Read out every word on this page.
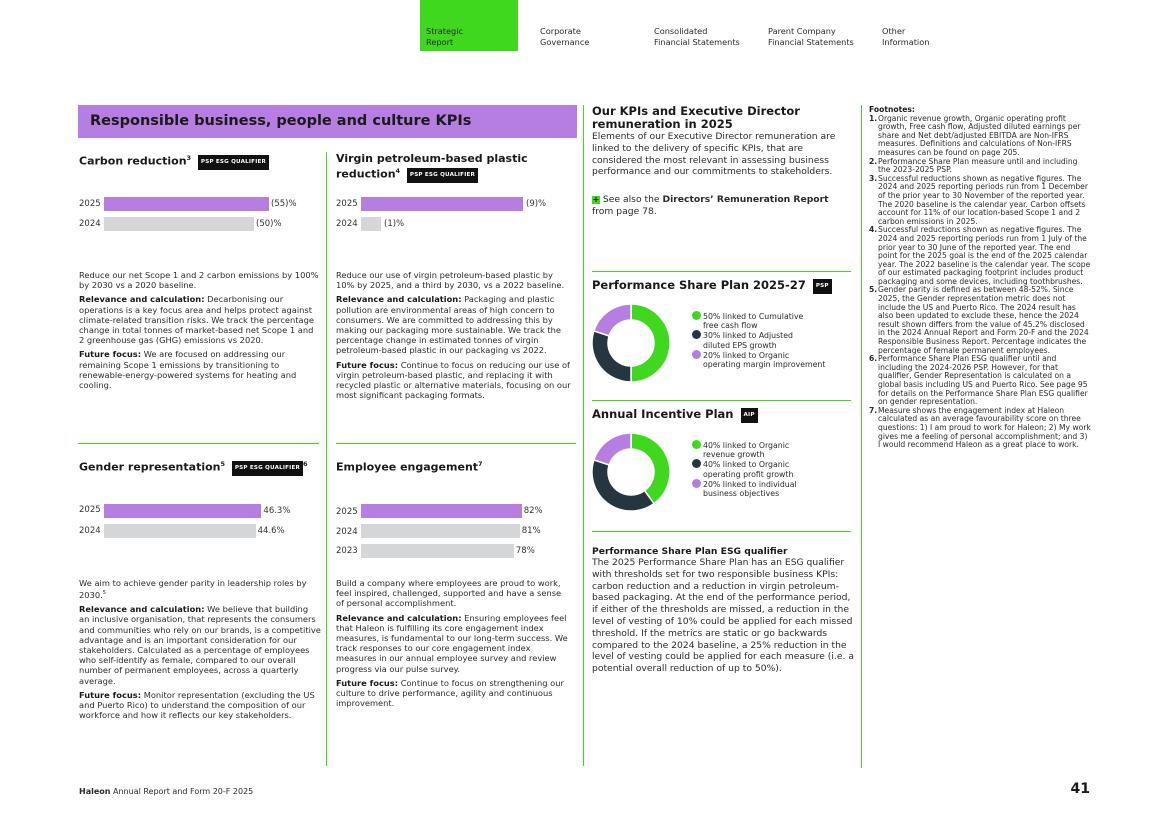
Strategic
Report
Corporate
Governance
Consolidated
Financial Statements
Parent Company
Financial Statements
Other
Information
Responsible business, people and culture KPIs
Carbon reduction$^3$ PSP ESG QUALIFIER
2025	(55)%
2024	(50)%
Reduce our net Scope 1 and 2 carbon emissions by 100% by 2030 vs a 2020 baseline.
Relevance and calculation: Decarbonising our operations is a key focus area and helps protect against climate-related transition risks. We track the percentage change in total tonnes of market-based net Scope 1 and 2 greenhouse gas (GHG) emissions vs 2020.
Future focus: We are focused on addressing our remaining Scope 1 emissions by transitioning to renewable-energy-powered systems for heating and cooling.
Virgin petroleum-based plastic
reduction$^4$ PSP ESG QUALIFIER
2025	(9)%
2024	(1)%
Reduce our use of virgin petroleum-based plastic by 10% by 2025, and a third by 2030, vs a 2022 baseline.
Relevance and calculation: Packaging and plastic pollution are environmental areas of high concern to consumers. We are committed to addressing this by making our packaging more sustainable. We track the percentage change in estimated tonnes of virgin petroleum-based plastic in our packaging vs 2022.
Future focus: Continue to focus on reducing our use of virgin petroleum-based plastic, and replacing it with recycled plastic or alternative materials, focusing on our most significant packaging formats.
Gender representation$^5$ PSP ESG QUALIFIER $^6$
2025	46.3%
2024	44.6%
We aim to achieve gender parity in leadership roles by 2030.$^5$
Relevance and calculation: We believe that building an inclusive organisation, that represents the consumers and communities who rely on our brands, is a competitive advantage and is an important consideration for our stakeholders. Calculated as a percentage of employees who self-identify as female, compared to our overall number of permanent employees, across a quarterly average.
Future focus: Monitor representation (excluding the US and Puerto Rico) to understand the composition of our workforce and how it reflects our key stakeholders.
Employee engagement$^7$
2025	82%
2024	81%
2023	78%
Build a company where employees are proud to work, feel inspired, challenged, supported and have a sense of personal accomplishment.
Relevance and calculation: Ensuring employees feel that Haleon is fulfilling its core engagement index measures, is fundamental to our long-term success. We track responses to our core engagement index measures in our annual employee survey and review progress via our pulse survey.
Future focus: Continue to focus on strengthening our culture to drive performance, agility and continuous improvement.
Our KPIs and Executive Director
remuneration in 2025
Elements of our Executive Director remuneration are linked to the delivery of specific KPIs, that are considered the most relevant in assessing business performance and our commitments to stakeholders.
+ See also the Directors’ Remuneration Report
from page 78.
Performance Share Plan 2025-27 PSP
50% linked to Cumulative
free cash flow
30% linked to Adjusted
diluted EPS growth
20% linked to Organic
operating margin improvement
Annual Incentive Plan AIP
40% linked to Organic
revenue growth
40% linked to Organic
operating profit growth
20% linked to individual
business objectives
Performance Share Plan ESG qualifier
The 2025 Performance Share Plan has an ESG qualifier with thresholds set for two responsible business KPIs: carbon reduction and a reduction in virgin petroleum-based packaging. At the end of the performance period, if either of the thresholds are missed, a reduction in the level of vesting of 10% could be applied for each missed threshold. If the metrics are static or go backwards compared to the 2024 baseline, a 25% reduction in the level of vesting could be applied for each measure (i.e. a potential overall reduction of up to 50%).
Footnotes:
1. Organic revenue growth, Organic operating profit growth, Free cash flow, Adjusted diluted earnings per share and Net debt/adjusted EBITDA are Non-IFRS measures. Definitions and calculations of Non-IFRS measures can be found on page 205.
2. Performance Share Plan measure until and including the 2023-2025 PSP.
3. Successful reductions shown as negative figures. The 2024 and 2025 reporting periods run from 1 December of the prior year to 30 November of the reported year. The 2020 baseline is the calendar year. Carbon offsets account for 11% of our location-based Scope 1 and 2 carbon emissions in 2025.
4. Successful reductions shown as negative figures. The 2024 and 2025 reporting periods run from 1 July of the prior year to 30 June of the reported year. The end point for the 2025 goal is the end of the 2025 calendar year. The 2022 baseline is the calendar year. The scope of our estimated packaging footprint includes product packaging and some devices, including toothbrushes.
5. Gender parity is defined as between 48-52%. Since 2025, the Gender representation metric does not include the US and Puerto Rico. The 2024 result has also been updated to exclude these, hence the 2024 result shown differs from the value of 45.2% disclosed in the 2024 Annual Report and Form 20-F and the 2024 Responsible Business Report. Percentage indicates the percentage of female permanent employees.
6. Performance Share Plan ESG qualifier until and including the 2024-2026 PSP. However, for that qualifier, Gender Representation is calculated on a global basis including US and Puerto Rico. See page 95 for details on the Performance Share Plan ESG qualifier on gender representation.
7. Measure shows the engagement index at Haleon calculated as an average favourability score on three questions: 1) I am proud to work for Haleon; 2) My work gives me a feeling of personal accomplishment; and 3) I would recommend Haleon as a great place to work.
Haleon Annual Report and Form 20-F 2025	41
